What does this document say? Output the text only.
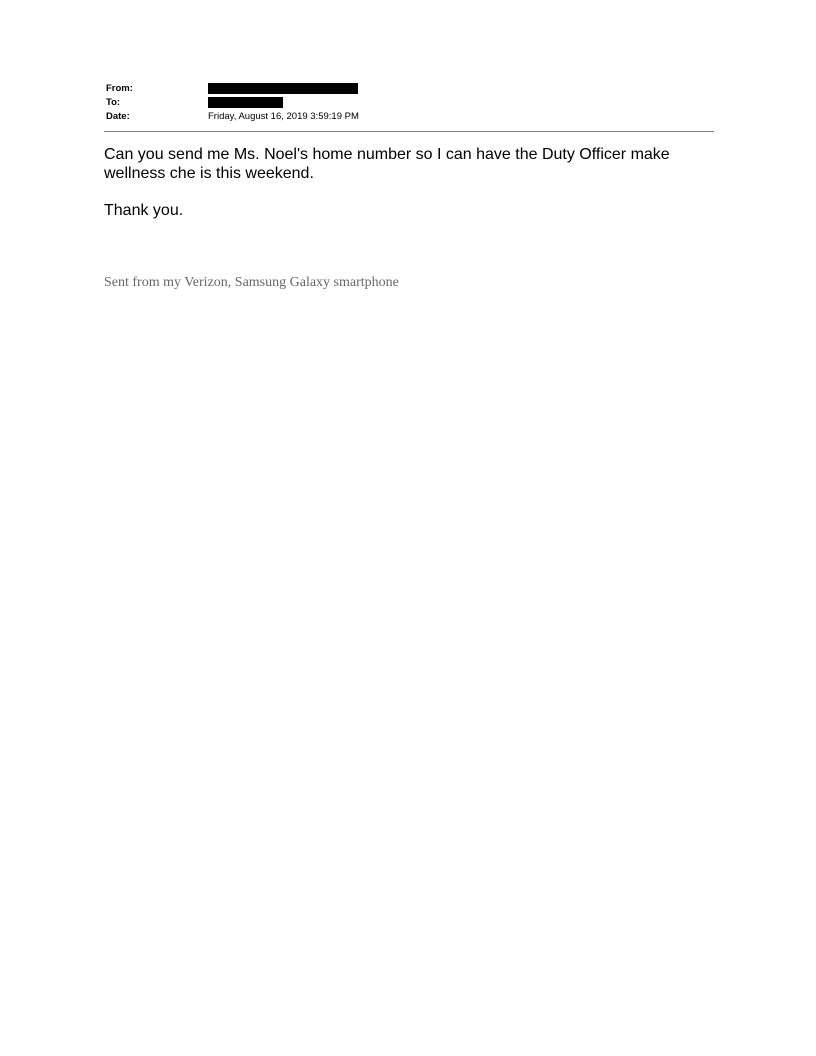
From:
To:
Date:	Friday, August 16, 2019 3:59:19 PM

Can you send me Ms. Noel's home number so I can have the Duty Officer make wellness che is this weekend.

Thank you.

Sent from my Verizon, Samsung Galaxy smartphone
